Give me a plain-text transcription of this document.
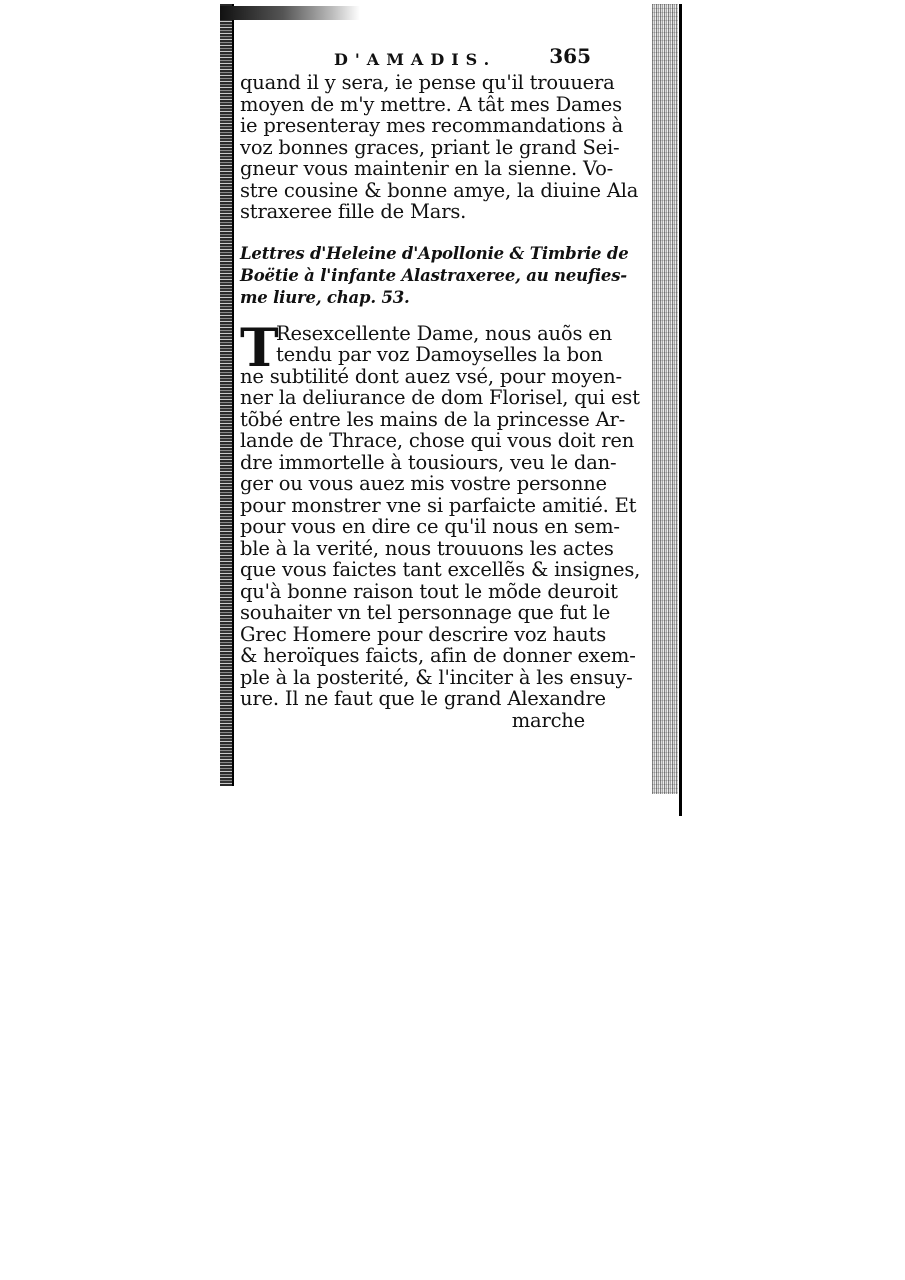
D'AMADIS.	365
quand il y sera, ie pense qu'il trouuera
moyen de m'y mettre. A tât mes Dames
ie presenteray mes recommandations à
voz bonnes graces, priant le grand Sei-
gneur vous maintenir en la sienne. Vo-
stre cousine & bonne amye, la diuine Ala
straxeree fille de Mars.
Lettres d'Heleine d'Apollonie & Timbrie de
Boëtie à l'infante Alastraxeree, au neufies-
me liure, chap. 53.
T
Resexcellente Dame, nous auõs en
tendu par voz Damoyselles la bon
ne subtilité dont auez vsé, pour moyen-
ner la deliurance de dom Florisel, qui est
tõbé entre les mains de la princesse Ar-
lande de Thrace, chose qui vous doit ren
dre immortelle à tousiours, veu le dan-
ger ou vous auez mis vostre personne
pour monstrer vne si parfaicte amitié. Et
pour vous en dire ce qu'il nous en sem-
ble à la verité, nous trouuons les actes
que vous faictes tant excellẽs & insignes,
qu'à bonne raison tout le mõde deuroit
souhaiter vn tel personnage que fut le
Grec Homere pour descrire voz hauts
& heroïques faicts, afin de donner exem-
ple à la posterité, & l'inciter à les ensuy-
ure. Il ne faut que le grand Alexandre
marche
